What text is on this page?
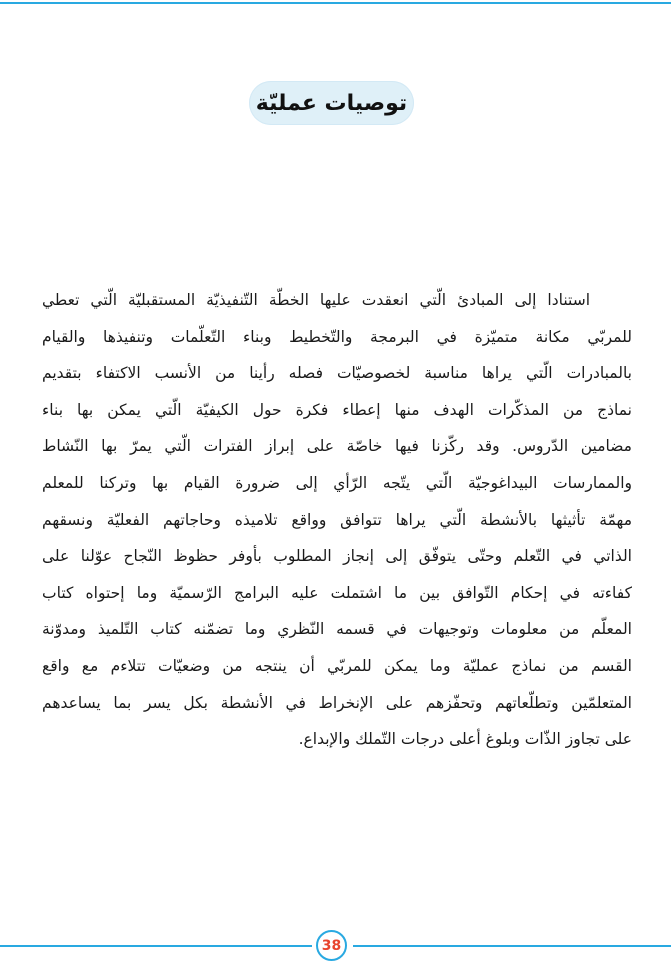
توصيات عمليّة
استنادا إلى المبادئ الّتي انعقدت عليها الخطّة التّنفيذيّة المستقبليّة الّتي تعطي
للمربّي مكانة متميّزة في البرمجة والتّخطيط وبناء التّعلّمات وتنفيذها والقيام
بالمبادرات الّتي يراها مناسبة لخصوصيّات فصله رأينا من الأنسب الاكتفاء بتقديم
نماذج من المذكّرات الهدف منها إعطاء فكرة حول الكيفيّة الّتي يمكن بها بناء
مضامين الدّروس. وقد ركّزنا فيها خاصّة على إبراز الفترات الّتي يمرّ بها النّشاط
والممارسات البيداغوجيّة الّتي يتّجه الرّأي إلى ضرورة القيام بها وتركنا للمعلم
مهمّة تأثيثها بالأنشطة الّتي يراها تتوافق وواقع تلاميذه وحاجاتهم الفعليّة ونسقهم
الذاتي في التّعلم وحتّى يتوفّق إلى إنجاز المطلوب بأوفر حظوظ النّجاح عوّلنا على
كفاءته في إحكام التّوافق بين ما اشتملت عليه البرامج الرّسميّة وما إحتواه كتاب
المعلّم من معلومات وتوجيهات في قسمه النّظري وما تضمّنه كتاب التّلميذ ومدوّنة
القسم من نماذج عمليّة وما يمكن للمربّي أن ينتجه من وضعيّات تتلاءم مع واقع
المتعلمّين وتطلّعاتهم وتحفّزهم على الإنخراط في الأنشطة بكل يسر بما يساعدهم
على تجاوز الذّات وبلوغ أعلى درجات التّملك والإبداع.
38
